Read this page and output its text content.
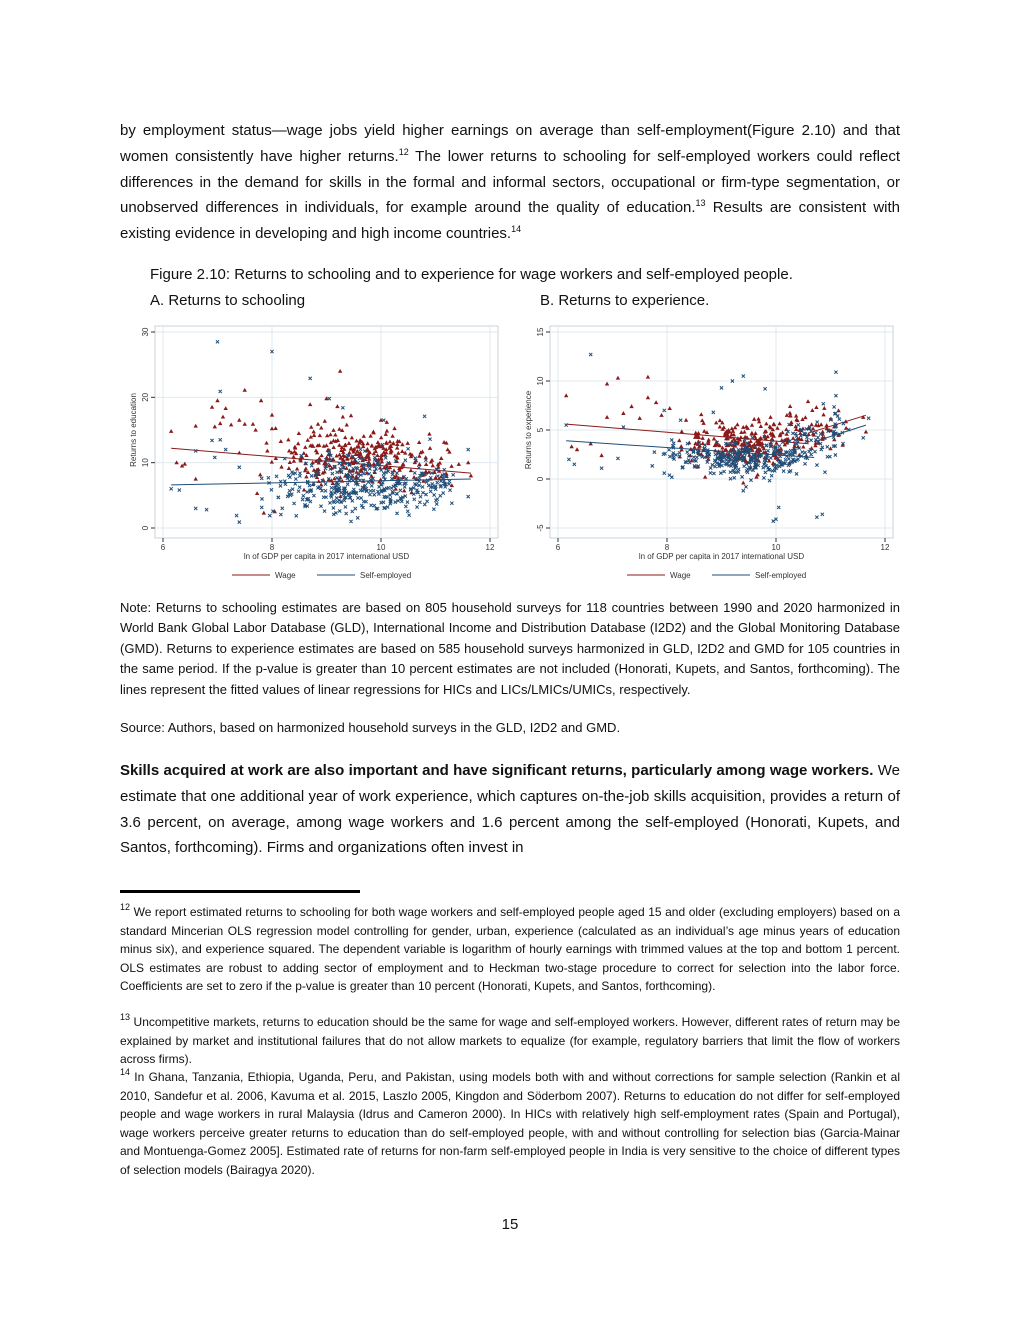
by employment status—wage jobs yield higher earnings on average than self-employment(Figure 2.10) and that women consistently have higher returns.$^{12}$ The lower returns to schooling for self-employed workers could reflect differences in the demand for skills in the formal and informal sectors, occupational or firm-type segmentation, or unobserved differences in individuals, for example around the quality of education.$^{13}$ Results are consistent with existing evidence in developing and high income countries.$^{14}$

Figure 2.10: Returns to schooling and to experience for wage workers and self-employed people.

A. Returns to schooling	B. Returns to experience.

0
10
20
30
6	8	10	12
ln of GDP per capita in 2017 international USD
Returns to education
Wage	Self-employed
-5
0
5
10
15
6	8	10	12
ln of GDP per capita in 2017 international USD
Returns to experience
Wage	Self-employed

Note: Returns to schooling estimates are based on 805 household surveys for 118 countries between 1990 and 2020 harmonized in World Bank Global Labor Database (GLD), International Income and Distribution Database (I2D2) and the Global Monitoring Database (GMD). Returns to experience estimates are based on 585 household surveys harmonized in GLD, I2D2 and GMD for 105 countries in the same period. If the p-value is greater than 10 percent estimates are not included (Honorati, Kupets, and Santos, forthcoming). The lines represent the fitted values of linear regressions for HICs and LICs/LMICs/UMICs, respectively.

Source: Authors, based on harmonized household surveys in the GLD, I2D2 and GMD.

Skills acquired at work are also important and have significant returns, particularly among wage workers. We estimate that one additional year of work experience, which captures on-the-job skills acquisition, provides a return of 3.6 percent, on average, among wage workers and 1.6 percent among the self-employed (Honorati, Kupets, and Santos, forthcoming). Firms and organizations often invest in

$^{12}$ We report estimated returns to schooling for both wage workers and self-employed people aged 15 and older (excluding employers) based on a standard Mincerian OLS regression model controlling for gender, urban, experience (calculated as an individual’s age minus years of education minus six), and experience squared. The dependent variable is logarithm of hourly earnings with trimmed values at the top and bottom 1 percent. OLS estimates are robust to adding sector of employment and to Heckman two-stage procedure to correct for selection into the labor force. Coefficients are set to zero if the p-value is greater than 10 percent (Honorati, Kupets, and Santos, forthcoming).

$^{13}$ Uncompetitive markets, returns to education should be the same for wage and self-employed workers. However, different rates of return may be explained by market and institutional failures that do not allow markets to equalize (for example, regulatory barriers that limit the flow of workers across firms).

$^{14}$ In Ghana, Tanzania, Ethiopia, Uganda, Peru, and Pakistan, using models both with and without corrections for sample selection (Rankin et al 2010, Sandefur et al. 2006, Kavuma et al. 2015, Laszlo 2005, Kingdon and Söderbom 2007). Returns to education do not differ for self-employed people and wage workers in rural Malaysia (Idrus and Cameron 2000). In HICs with relatively high self-employment rates (Spain and Portugal), wage workers perceive greater returns to education than do self-employed people, with and without controlling for selection bias (Garcia-Mainar and Montuenga-Gomez 2005]. Estimated rate of returns for non-farm self-employed people in India is very sensitive to the choice of different types of selection models (Bairagya 2020).

15
